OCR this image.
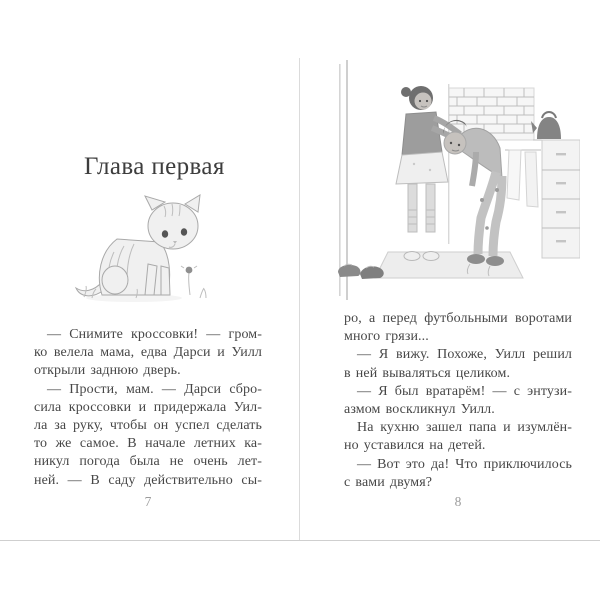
Глава первая
— Снимите кроссовки! — гром-
ко велела мама, едва Дарси и Уилл
открыли заднюю дверь.
— Прости, мам. — Дарси сбро-
сила кроссовки и придержала Уил-
ла за руку, чтобы он успел сделать
то же самое. В начале летних ка-
никул погода была не очень лет-
ней. — В саду действительно сы-
7
ро, а перед футбольными воротами
много грязи...
— Я вижу. Похоже, Уилл решил
в ней вываляться целиком.
— Я был вратарём! — с энтузи-
азмом воскликнул Уилл.
На кухню зашел папа и изумлён-
но уставился на детей.
— Вот это да! Что приключилось
с вами двумя?
8
